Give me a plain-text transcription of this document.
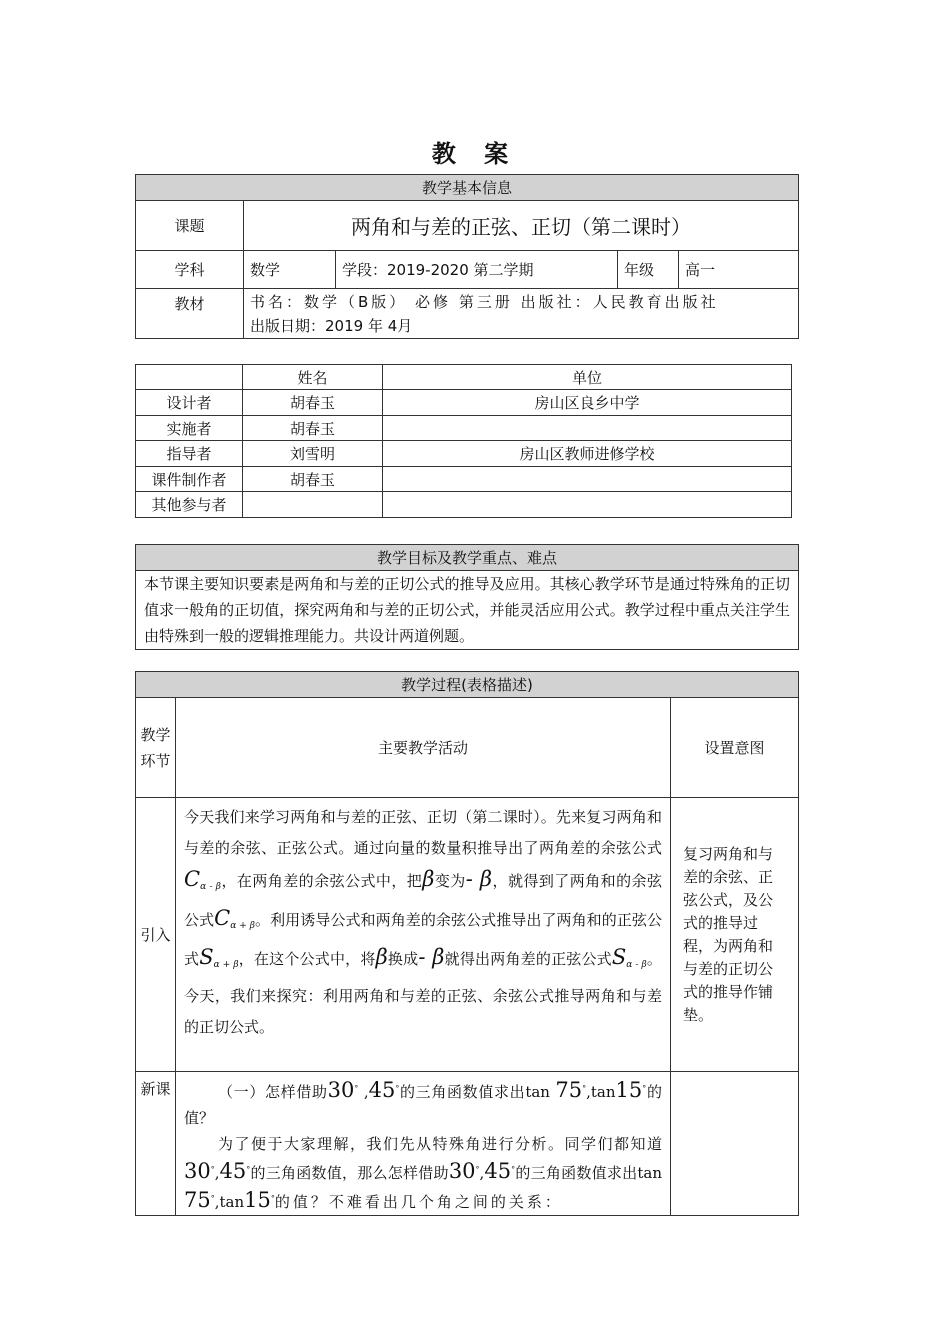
教 案
教学基本信息				
课题	两角和与差的正弦、正切（第二课时）			
学科	数学	学段：2019-2020 第二学期	年级	高一
教材	书名：数学（B版） 必修 第三册 出版社：人民教育出版社
出版日期：2019 年 4月			
	姓名	单位
设计者	胡春玉	房山区良乡中学
实施者	胡春玉	
指导者	刘雪明	房山区教师进修学校
课件制作者	胡春玉	
其他参与者		
教学目标及教学重点、难点
本节课主要知识要素是两角和与差的正切公式的推导及应用。其核心教学环节是通过特殊角的正切值求一般角的正切值，探究两角和与差的正切公式，并能灵活应用公式。教学过程中重点关注学生由特殊到一般的逻辑推理能力。共设计两道例题。
教学过程(表格描述)		
教学环节	主要教学活动	设置意图
引入	今天我们来学习两角和与差的正弦、正切（第二课时）。先来复习两角和与差的余弦、正弦公式。通过向量的数量积推导出了两角差的余弦公式$C_{\alpha - \beta}$，在两角差的余弦公式中，把β变为- β，就得到了两角和的余弦公式$C_{\alpha + \beta}$。利用诱导公式和两角差的余弦公式推导出了两角和的正弦公式$S_{\alpha + \beta}$，在这个公式中，将β换成- β就得出两角差的正弦公式$S_{\alpha - \beta}$。今天，我们来探究：利用两角和与差的正弦、余弦公式推导两角和与差的正切公式。	复习两角和与差的余弦、正弦公式，及公式的推导过程，为两角和与差的正切公式的推导作铺垫。
新课	（一）怎样借助30° ,45°的三角函数值求出tan 75°,tan15°的值？
为了便于大家理解，我们先从特殊角进行分析。同学们都知道30°,45°的三角函数值，那么怎样借助30°,45°的三角函数值求出tan 75°,tan15°的值？不难看出几个角之间的关系：	
